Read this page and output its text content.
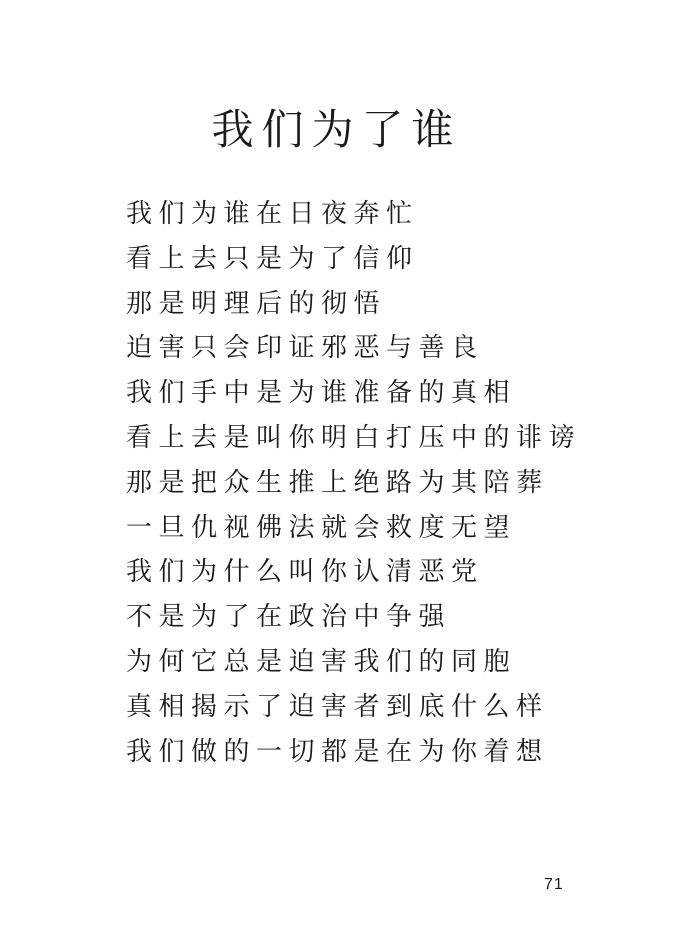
我们为了谁
我们为谁在日夜奔忙
看上去只是为了信仰
那是明理后的彻悟
迫害只会印证邪恶与善良
我们手中是为谁准备的真相
看上去是叫你明白打压中的诽谤
那是把众生推上绝路为其陪葬
一旦仇视佛法就会救度无望
我们为什么叫你认清恶党
不是为了在政治中争强
为何它总是迫害我们的同胞
真相揭示了迫害者到底什么样
我们做的一切都是在为你着想
71
